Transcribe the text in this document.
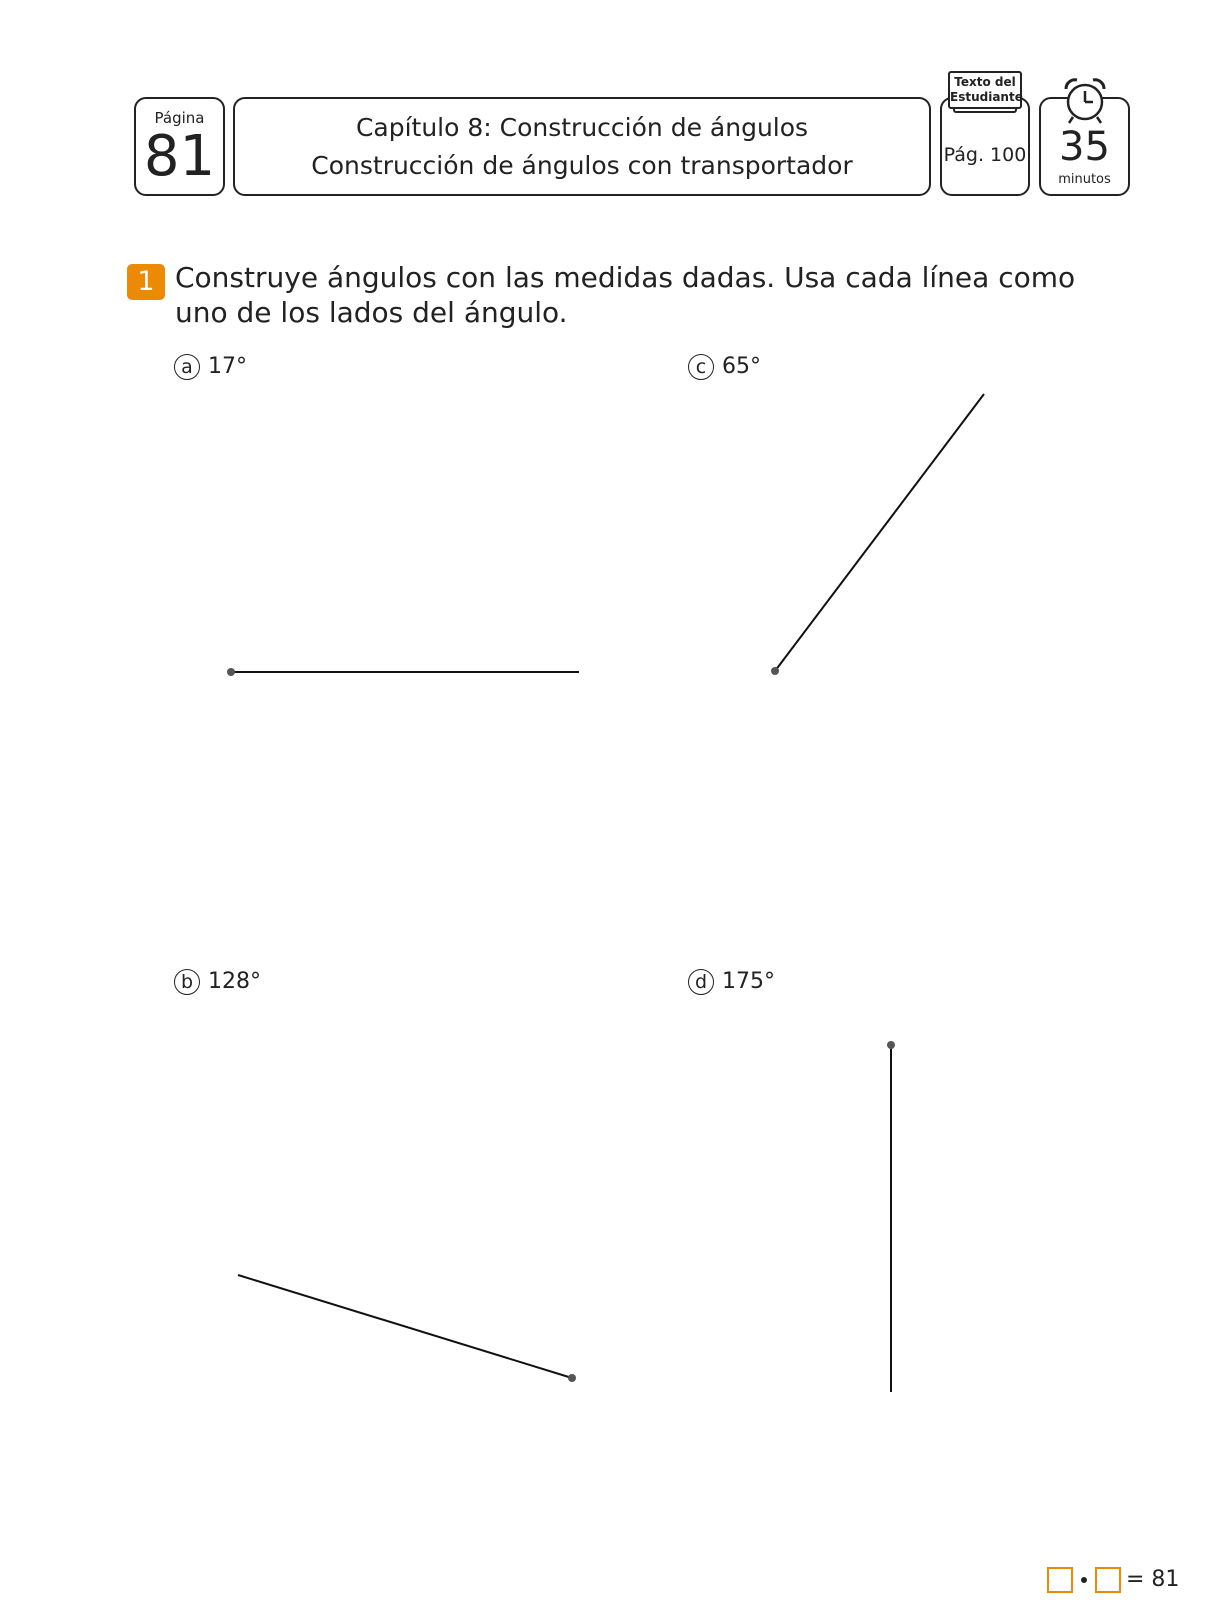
Página
81	Capítulo 8: Construcción de ángulos
Construcción de ángulos con transportador
Texto del Estudiante
Pág. 100 35
minutos
1 Construye ángulos con las medidas dadas. Usa cada línea como uno de los lados del ángulo.
a 17°	c 65°
b 128°	d 175°
= 81
